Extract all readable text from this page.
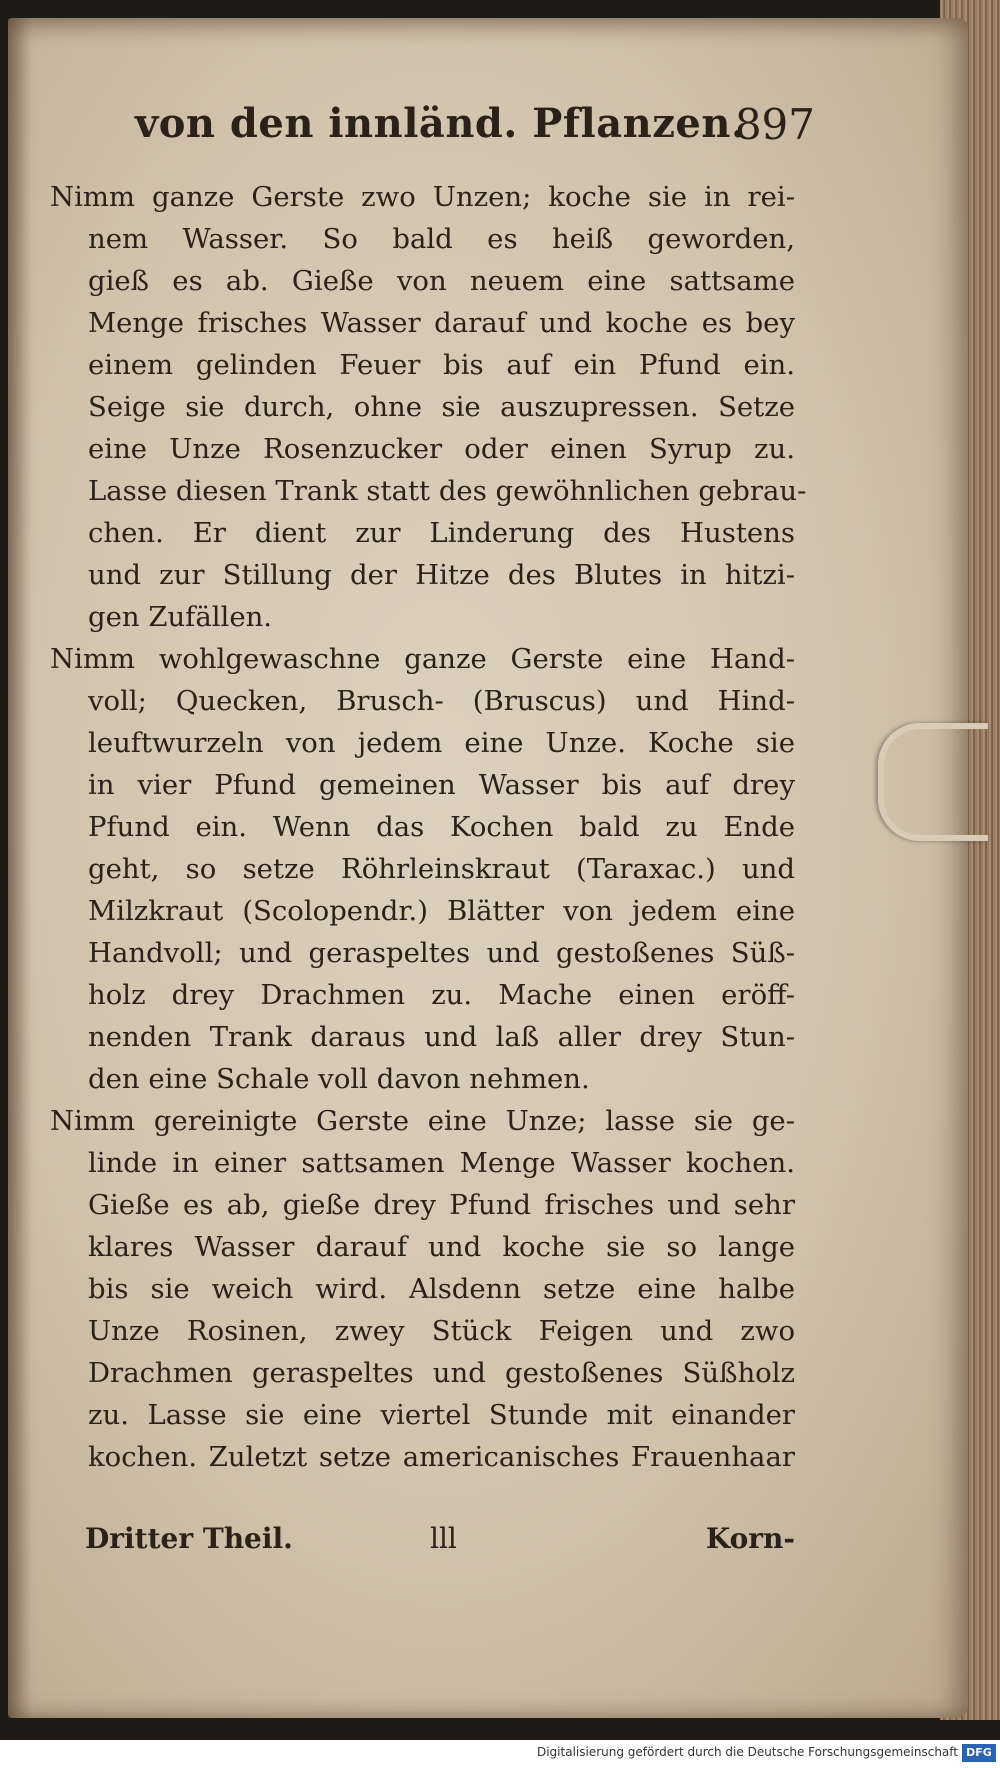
von den innländ. Pflanzen.
897
Nimm ganze Gerste zwo Unzen; koche sie in rei-
nem Wasser. So bald es heiß geworden,
gieß es ab. Gieße von neuem eine sattsame
Menge frisches Wasser darauf und koche es bey
einem gelinden Feuer bis auf ein Pfund ein.
Seige sie durch, ohne sie auszupressen. Setze
eine Unze Rosenzucker oder einen Syrup zu.
Lasse diesen Trank statt des gewöhnlichen gebrau-
chen. Er dient zur Linderung des Hustens
und zur Stillung der Hitze des Blutes in hitzi-
gen Zufällen.
Nimm wohlgewaschne ganze Gerste eine Hand-
voll; Quecken, Brusch- (Bruscus) und Hind-
leuftwurzeln von jedem eine Unze. Koche sie
in vier Pfund gemeinen Wasser bis auf drey
Pfund ein. Wenn das Kochen bald zu Ende
geht, so setze Röhrleinskraut (Taraxac.) und
Milzkraut (Scolopendr.) Blätter von jedem eine
Handvoll; und geraspeltes und gestoßenes Süß-
holz drey Drachmen zu. Mache einen eröff-
nenden Trank daraus und laß aller drey Stun-
den eine Schale voll davon nehmen.
Nimm gereinigte Gerste eine Unze; lasse sie ge-
linde in einer sattsamen Menge Wasser kochen.
Gieße es ab, gieße drey Pfund frisches und sehr
klares Wasser darauf und koche sie so lange
bis sie weich wird. Alsdenn setze eine halbe
Unze Rosinen, zwey Stück Feigen und zwo
Drachmen geraspeltes und gestoßenes Süßholz
zu. Lasse sie eine viertel Stunde mit einander
kochen. Zuletzt setze americanisches Frauenhaar
Dritter Theil.	lll	Korn-
Digitalisierung gefördert durch die Deutsche Forschungsgemeinschaft DFG
